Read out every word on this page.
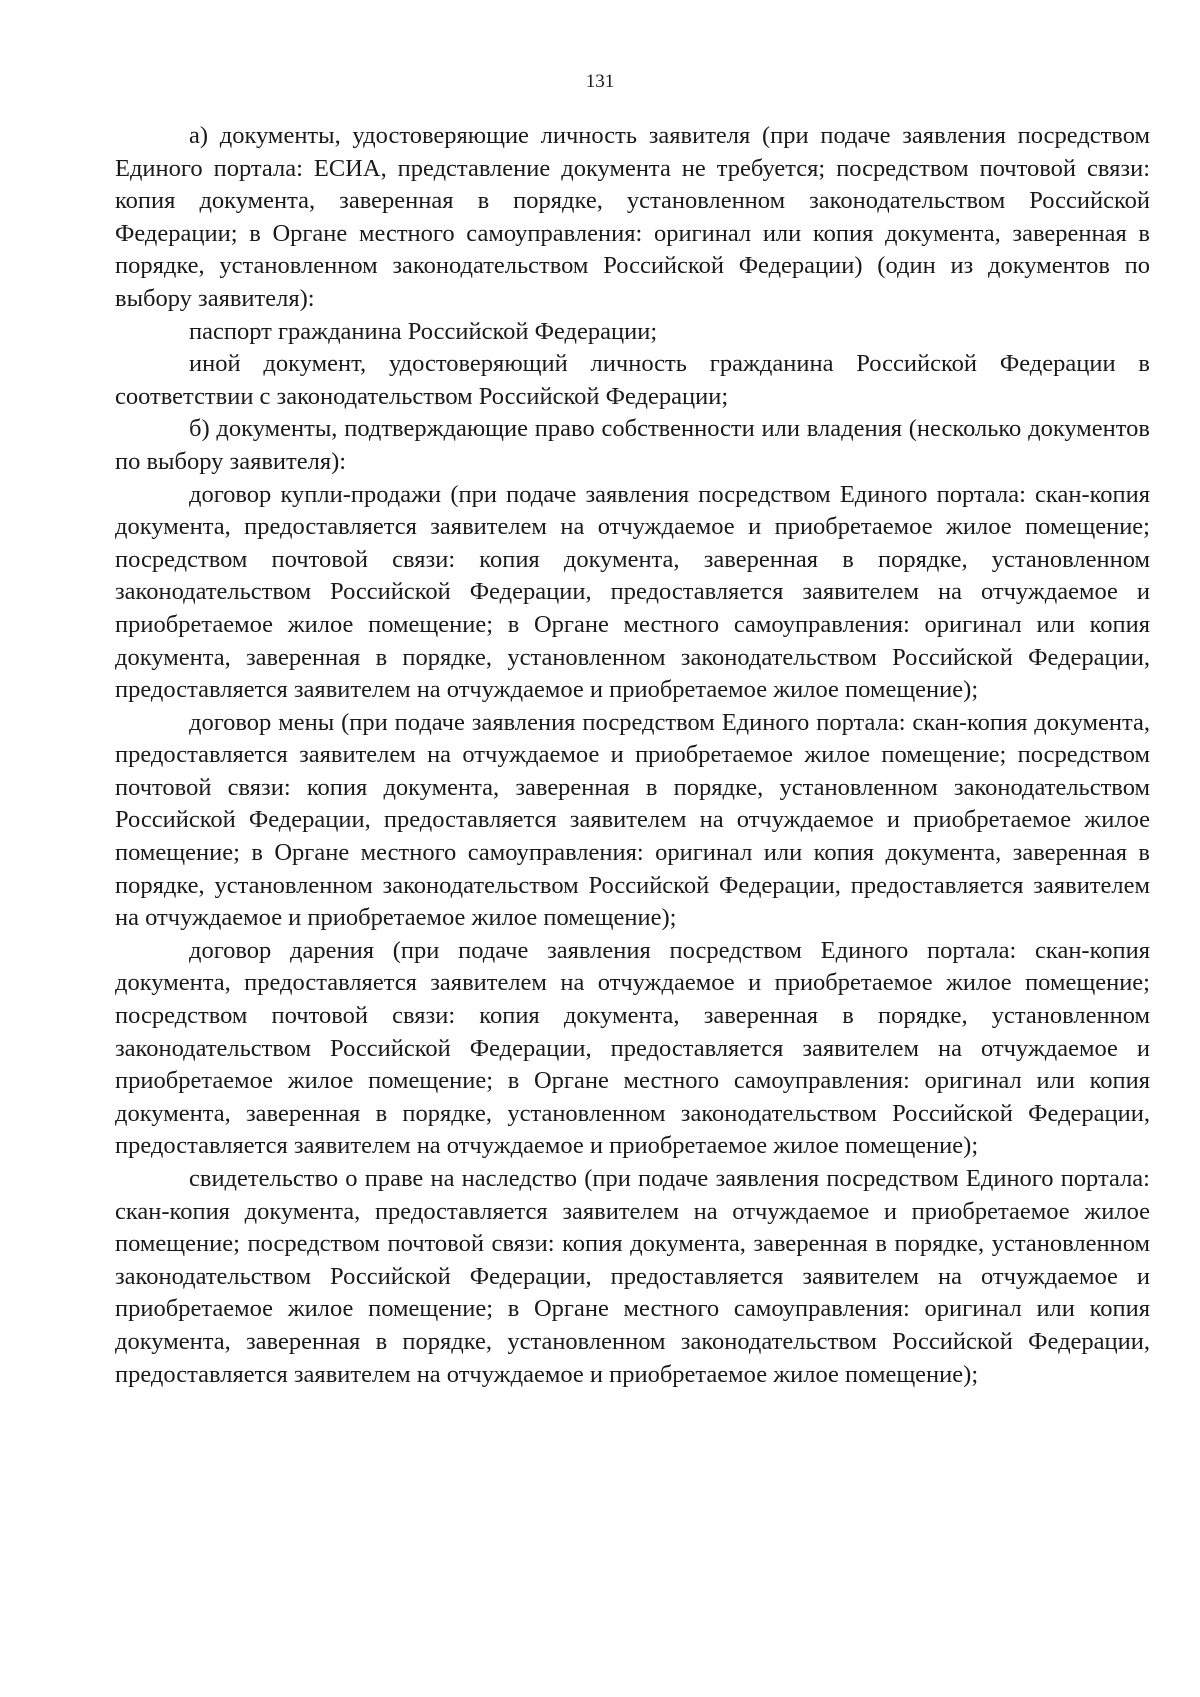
131

а) документы, удостоверяющие личность заявителя (при подаче заявления посредством Единого портала: ЕСИА, представление документа не требуется; посредством почтовой связи: копия документа, заверенная в порядке, установленном законодательством Российской Федерации; в Органе местного самоуправления: оригинал или копия документа, заверенная в порядке, установленном законодательством Российской Федерации) (один из документов по выбору заявителя):

паспорт гражданина Российской Федерации;

иной документ, удостоверяющий личность гражданина Российской Федерации в соответствии с законодательством Российской Федерации;

б) документы, подтверждающие право собственности или владения (несколько документов по выбору заявителя):

договор купли-продажи (при подаче заявления посредством Единого портала: скан-копия документа, предоставляется заявителем на отчуждаемое и приобретаемое жилое помещение; посредством почтовой связи: копия документа, заверенная в порядке, установленном законодательством Российской Федерации, предоставляется заявителем на отчуждаемое и приобретаемое жилое помещение; в Органе местного самоуправления: оригинал или копия документа, заверенная в порядке, установленном законодательством Российской Федерации, предоставляется заявителем на отчуждаемое и приобретаемое жилое помещение);

договор мены (при подаче заявления посредством Единого портала: скан-копия документа, предоставляется заявителем на отчуждаемое и приобретаемое жилое помещение; посредством почтовой связи: копия документа, заверенная в порядке, установленном законодательством Российской Федерации, предоставляется заявителем на отчуждаемое и приобретаемое жилое помещение; в Органе местного самоуправления: оригинал или копия документа, заверенная в порядке, установленном законодательством Российской Федерации, предоставляется заявителем на отчуждаемое и приобретаемое жилое помещение);

договор дарения (при подаче заявления посредством Единого портала: скан-копия документа, предоставляется заявителем на отчуждаемое и приобретаемое жилое помещение; посредством почтовой связи: копия документа, заверенная в порядке, установленном законодательством Российской Федерации, предоставляется заявителем на отчуждаемое и приобретаемое жилое помещение; в Органе местного самоуправления: оригинал или копия документа, заверенная в порядке, установленном законодательством Российской Федерации, предоставляется заявителем на отчуждаемое и приобретаемое жилое помещение);

свидетельство о праве на наследство (при подаче заявления посредством Единого портала: скан-копия документа, предоставляется заявителем на отчуждаемое и приобретаемое жилое помещение; посредством почтовой связи: копия документа, заверенная в порядке, установленном законодательством Российской Федерации, предоставляется заявителем на отчуждаемое и приобретаемое жилое помещение; в Органе местного самоуправления: оригинал или копия документа, заверенная в порядке, установленном законодательством Российской Федерации, предоставляется заявителем на отчуждаемое и приобретаемое жилое помещение);
